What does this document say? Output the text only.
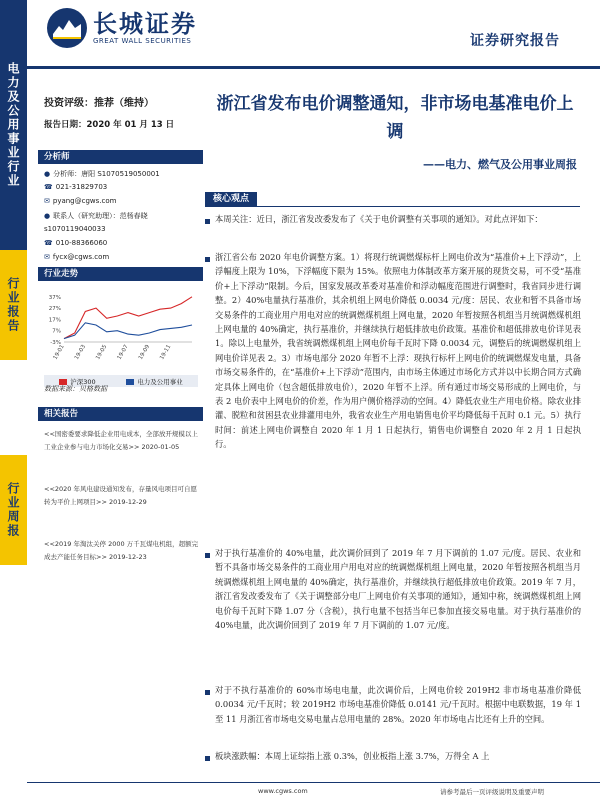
电力及公用事业行业
行业报告
行业周报
长城证券
GREAT WALL SECURITIES	证券研究报告
投资评级：推荐（维持）
报告日期：2020 年 01 月 13 日
分析师
● 分析师：唐阳 S1070519050001
☎ 021-31829703
✉ pyang@cgws.com
● 联系人（研究助理）：范杨春晓
s1070119040033
☎ 010-88366060
✉ fycx@cgws.com
行业走势
-3%
7%
17%
27%
37%
19-01 19-03 19-05 19-07 19-09 19-11
沪深300	电力及公用事业
数据来源：贝格数据
相关报告
<<国密委要求降低企业用电成本，全部放开规模以上工业企业参与电力市场化交易>> 2020-01-05
<<2020 年风电建设通知发布，存量风电项目可自愿转为平价上网项目>> 2019-12-29
<<2019 年淘汰关停 2000 万千瓦煤电机组，超额完成去产能任务目标>> 2019-12-23
浙江省发布电价调整通知，非市场电基准电价上调
——电力、燃气及公用事业周报
核心观点
本周关注：近日，浙江省发改委发布了《关于电价调整有关事项的通知》。对此点评如下：
浙江省公布 2020 年电价调整方案。1）将现行统调燃煤标杆上网电价改为“基准价+上下浮动”，上浮幅度上限为 10%，下浮幅度下限为 15%。依照电力体制改革方案开展的现货交易，可不受“基准价+上下浮动”限制。今后，国家发展改革委对基准价和浮动幅度范围进行调整时，我省同步进行调整。2）40%电量执行基准价，其余机组上网电价降低 0.0034 元/度：居民、农业和暂不具备市场交易条件的工商业用户用电对应的统调燃煤机组上网电量，2020 年暂按照各机组当月统调燃煤机组上网电量的 40%确定，执行基准价，并继续执行超低排放电价政策。基准价和超低排放电价详见表 1。除以上电量外，我省统调燃煤机组上网电价每千瓦时下降 0.0034 元，调整后的统调燃煤机组上网电价详见表 2。3）市场电部分 2020 年暂不上浮：现执行标杆上网电价的统调燃煤发电量，具备市场交易条件的，在“基准价+上下浮动”范围内，由市场主体通过市场化方式并以中长期合同方式确定具体上网电价（包含超低排放电价），2020 年暂不上浮。所有通过市场交易形成的上网电价，与表 2 电价表中上网电价的价差，作为用户侧价格浮动的空间。4）降低农业生产用电价格。除农业排灌、脱粒和贫困县农业排灌用电外，我省农业生产用电销售电价平均降低每千瓦时 0.1 元。5）执行时间：前述上网电价调整自 2020 年 1 月 1 日起执行，销售电价调整自 2020 年 2 月 1 日起执行。
对于执行基准价的 40%电量，此次调价回到了 2019 年 7 月下调前的 1.07 元/度。居民、农业和暂不具备市场交易条件的工商业用户用电对应的统调燃煤机组上网电量，2020 年暂按照各机组当月统调燃煤机组上网电量的 40%确定，执行基准价，并继续执行超低排放电价政策。2019 年 7 月，浙江省发改委发布了《关于调整部分电厂上网电价有关事项的通知》，通知中称，统调燃煤机组上网电价每千瓦时下降 1.07 分（含税），执行电量不包括当年已参加直接交易电量。对于执行基准价的 40%电量，此次调价回到了 2019 年 7 月下调前的 1.07 元/度。
对于不执行基准价的 60%市场电电量，此次调价后，上网电价较 2019H2 非市场电基准价降低 0.0034 元/千瓦时；较 2019H2 市场电基准价降低 0.0141 元/千瓦时。根据中电联数据，19 年 1 至 11 月浙江省市场电交易电量占总用电量的 28%。2020 年市场电占比还有上升的空间。
板块涨跌幅：本周上证综指上涨 0.3%，创业板指上涨 3.7%，万得全 A 上
www.cgws.com	请参考最后一页评级说明及重要声明
